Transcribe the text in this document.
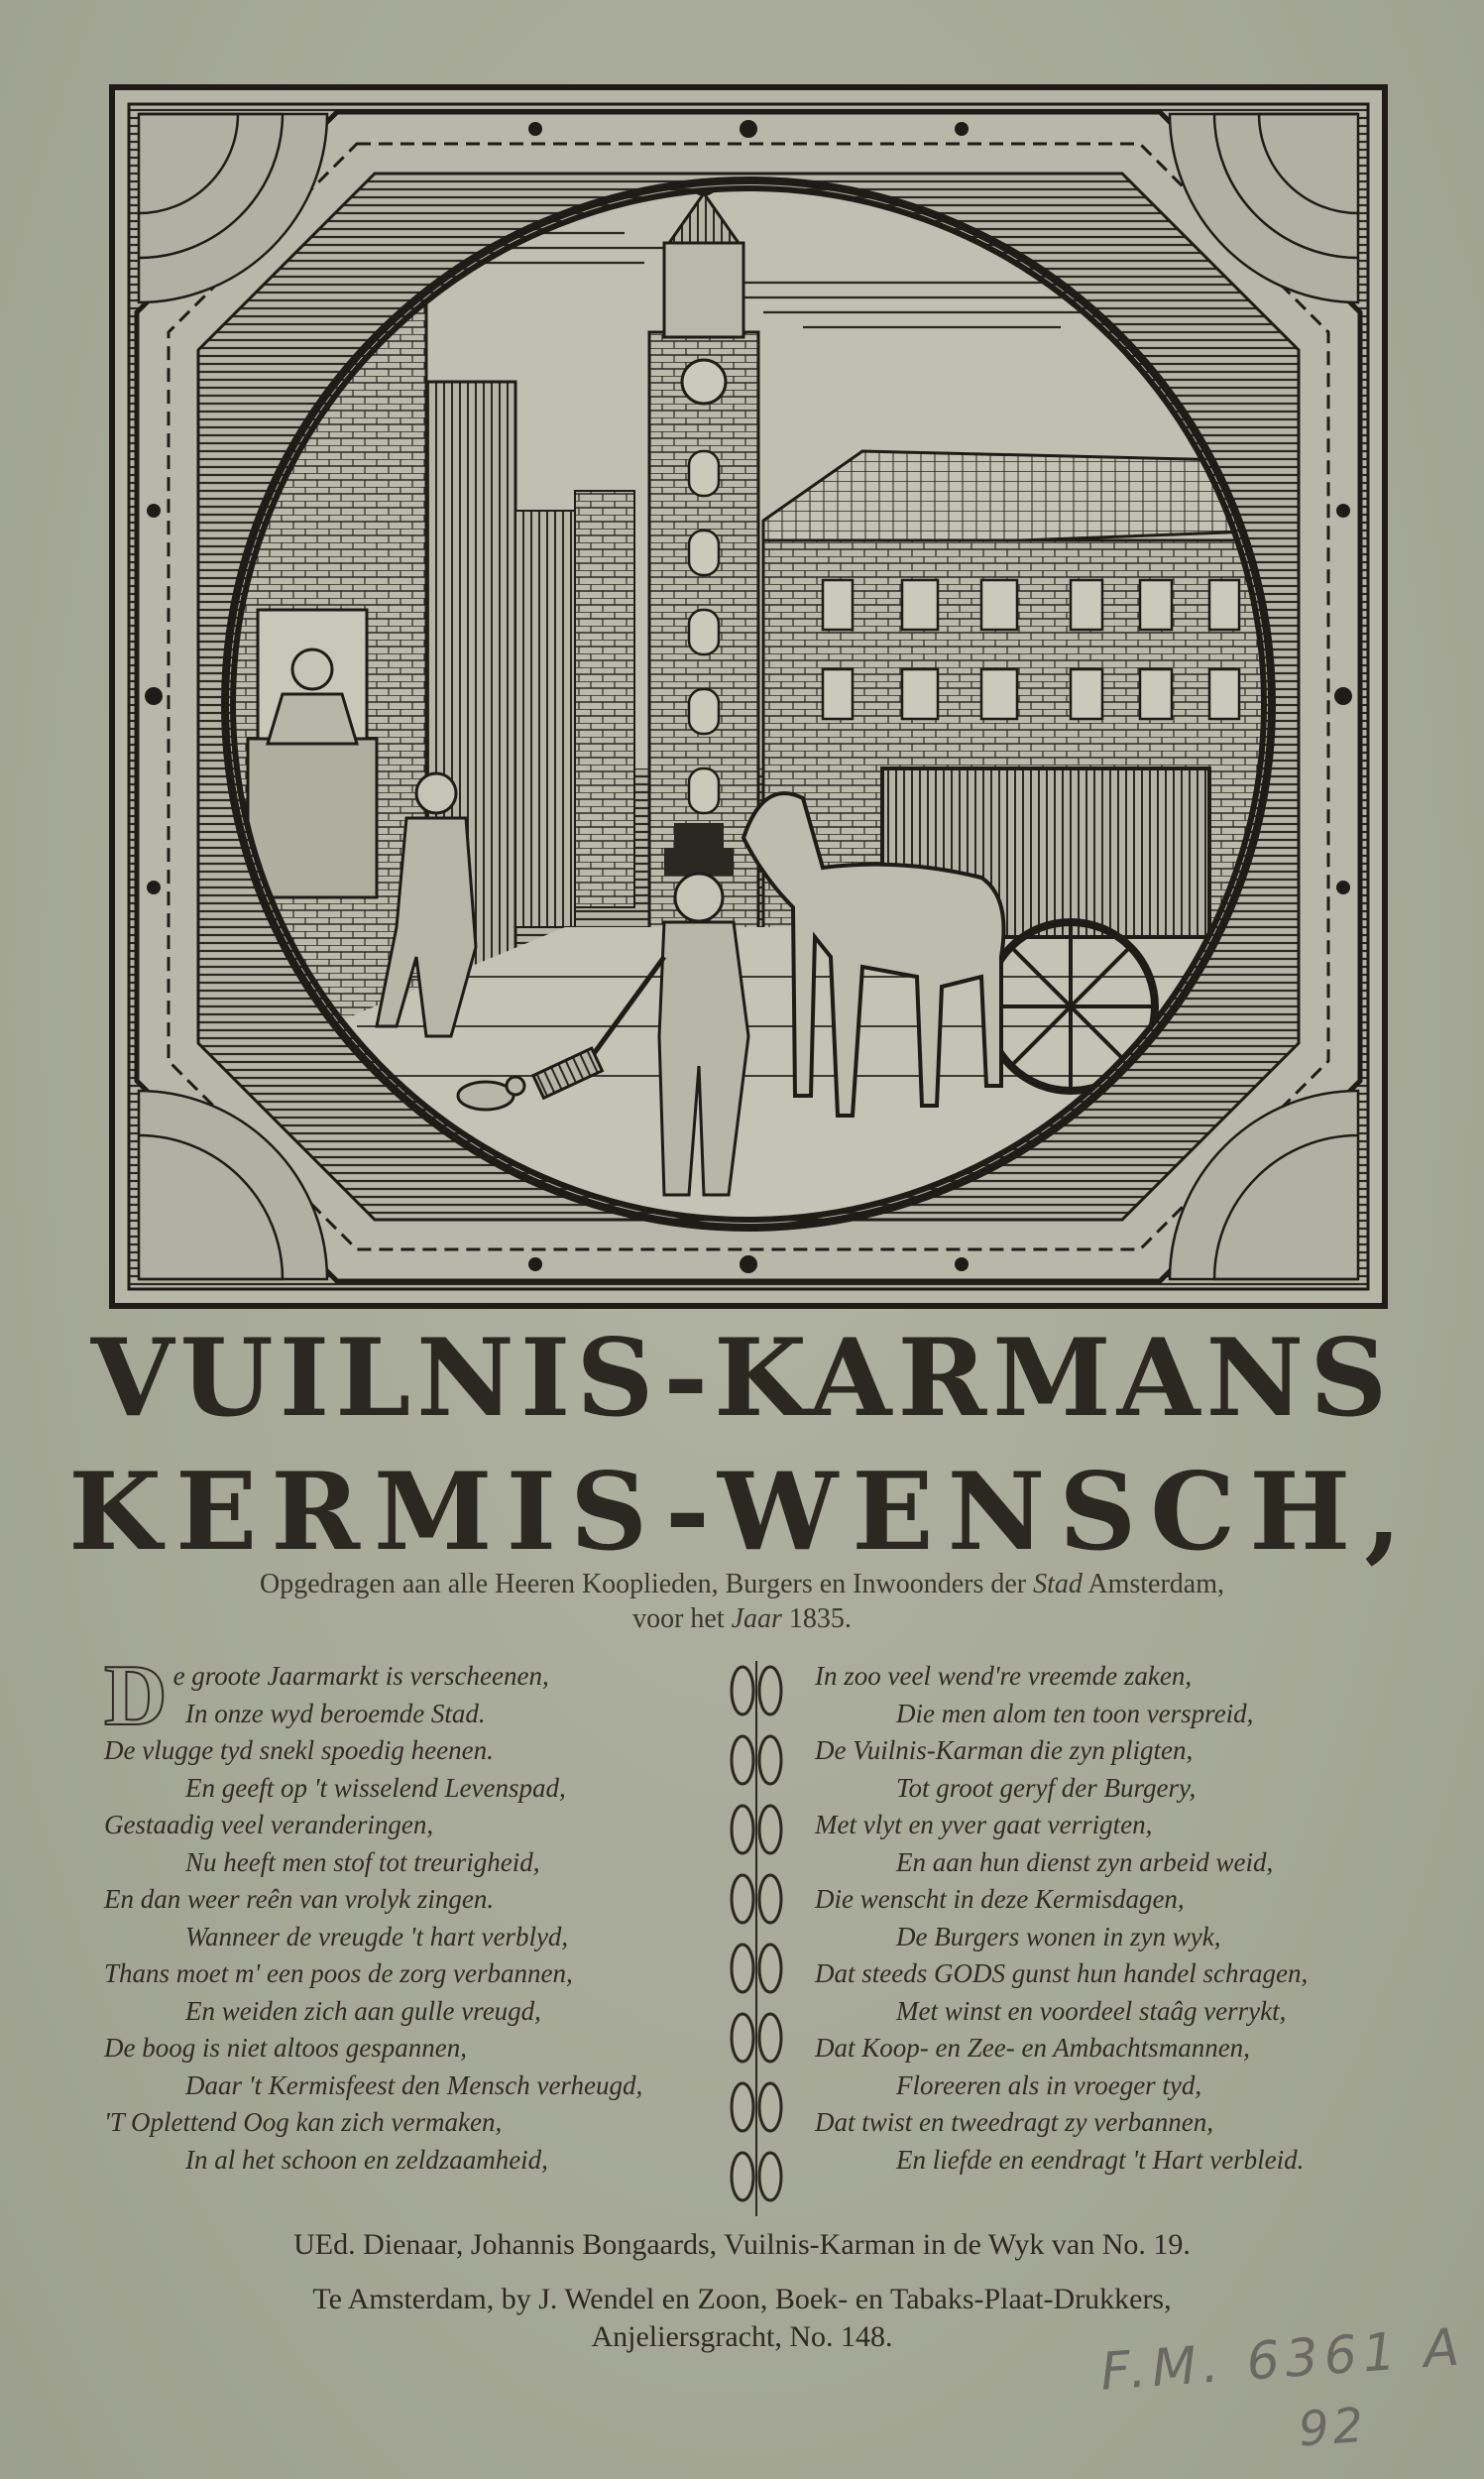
VUILNIS-KARMANS
KERMIS-WENSCH,
Opgedragen aan alle Heeren Kooplieden, Burgers en Inwoonders der Stad Amsterdam,
voor het Jaar 1835.
D e groote Jaarmarkt is verscheenen,
In onze wyd beroemde Stad.
De vlugge tyd snekl spoedig heenen.
En geeft op 't wisselend Levenspad,
Gestaadig veel veranderingen,
Nu heeft men stof tot treurigheid,
En dan weer reên van vrolyk zingen.
Wanneer de vreugde 't hart verblyd,
Thans moet m' een poos de zorg verbannen,
En weiden zich aan gulle vreugd,
De boog is niet altoos gespannen,
Daar 't Kermisfeest den Mensch verheugd,
'T Oplettend Oog kan zich vermaken,
In al het schoon en zeldzaamheid,
In zoo veel wend're vreemde zaken,
Die men alom ten toon verspreid,
De Vuilnis-Karman die zyn pligten,
Tot groot geryf der Burgery,
Met vlyt en yver gaat verrigten,
En aan hun dienst zyn arbeid weid,
Die wenscht in deze Kermisdagen,
De Burgers wonen in zyn wyk,
Dat steeds GODS gunst hun handel schragen,
Met winst en voordeel staâg verrykt,
Dat Koop- en Zee- en Ambachtsmannen,
Floreeren als in vroeger tyd,
Dat twist en tweedragt zy verbannen,
En liefde en eendragt 't Hart verbleid.
UEd. Dienaar, Johannis Bongaards, Vuilnis-Karman in de Wyk van No. 19.
Te Amsterdam, by J. Wendel en Zoon, Boek- en Tabaks-Plaat-Drukkers,
Anjeliersgracht, No. 148.	F.M. 6361 A
92
